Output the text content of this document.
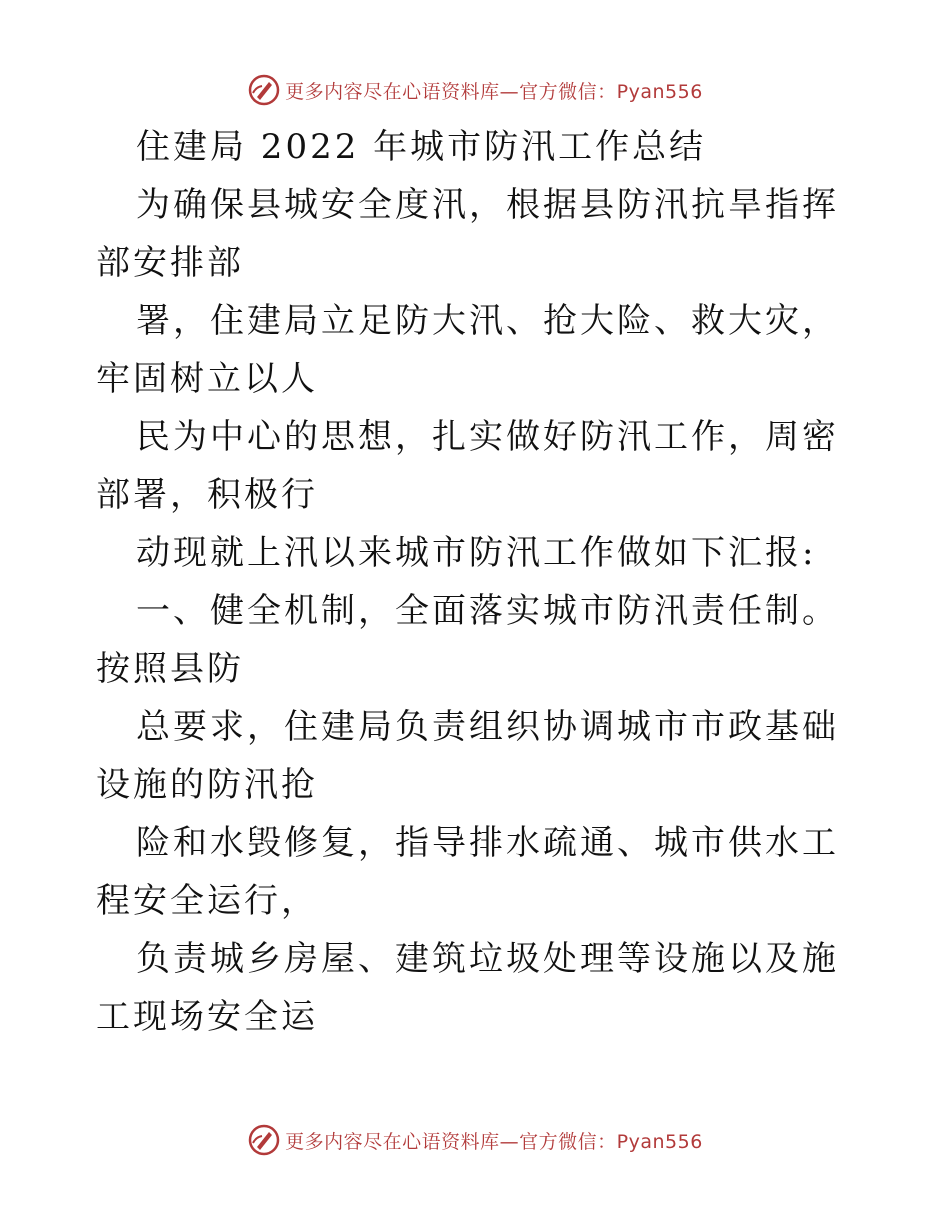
更多内容尽在心语资料库—官方微信：Pyan556

住建局 2022 年城市防汛工作总结

为确保县城安全度汛，根据县防汛抗旱指挥部安排部

署，住建局立足防大汛、抢大险、救大灾，牢固树立以人

民为中心的思想，扎实做好防汛工作，周密部署，积极行

动现就上汛以来城市防汛工作做如下汇报:

一、健全机制，全面落实城市防汛责任制。按照县防

总要求，住建局负责组织协调城市市政基础设施的防汛抢

险和水毁修复，指导排水疏通、城市供水工程安全运行，

负责城乡房屋、建筑垃圾处理等设施以及施工现场安全运

更多内容尽在心语资料库—官方微信：Pyan556
